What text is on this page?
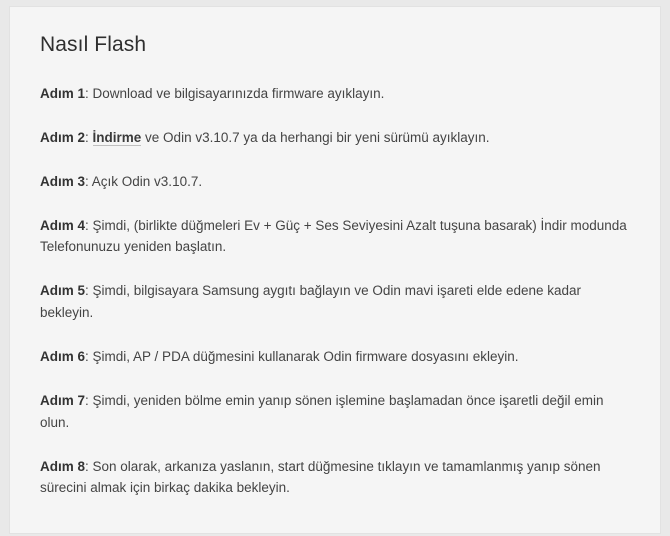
Nasıl Flash

Adım 1: Download ve bilgisayarınızda firmware ayıklayın.

Adım 2: İndirme ve Odin v3.10.7 ya da herhangi bir yeni sürümü ayıklayın.

Adım 3: Açık Odin v3.10.7.

Adım 4: Şimdi, (birlikte düğmeleri Ev + Güç + Ses Seviyesini Azalt tuşuna basarak) İndir modunda Telefonunuzu yeniden başlatın.

Adım 5: Şimdi, bilgisayara Samsung aygıtı bağlayın ve Odin mavi işareti elde edene kadar bekleyin.

Adım 6: Şimdi, AP / PDA düğmesini kullanarak Odin firmware dosyasını ekleyin.

Adım 7: Şimdi, yeniden bölme emin yanıp sönen işlemine başlamadan önce işaretli değil emin olun.

Adım 8: Son olarak, arkanıza yaslanın, start düğmesine tıklayın ve tamamlanmış yanıp sönen sürecini almak için birkaç dakika bekleyin.
